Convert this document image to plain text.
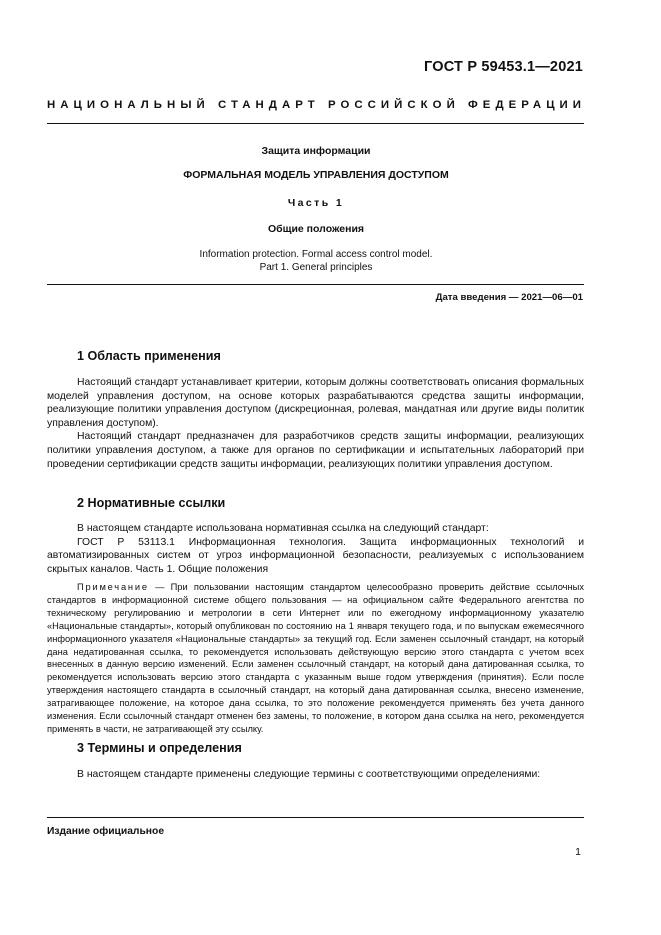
ГОСТ Р 59453.1—2021
НАЦИОНАЛЬНЫЙ СТАНДАРТ РОССИЙСКОЙ ФЕДЕРАЦИИ
Защита информации
ФОРМАЛЬНАЯ МОДЕЛЬ УПРАВЛЕНИЯ ДОСТУПОМ
Часть 1
Общие положения
Information protection. Formal access control model.
Part 1. General principles
Дата введения — 2021—06—01
1 Область применения

Настоящий стандарт устанавливает критерии, которым должны соответствовать описания формальных моделей управления доступом, на основе которых разрабатываются средства защиты информации, реализующие политики управления доступом (дискреционная, ролевая, мандатная или другие виды политик управления доступом).

Настоящий стандарт предназначен для разработчиков средств защиты информации, реализующих политики управления доступом, а также для органов по сертификации и испытательных лабораторий при проведении сертификации средств защиты информации, реализующих политики управления доступом.

2 Нормативные ссылки

В настоящем стандарте использована нормативная ссылка на следующий стандарт:

ГОСТ Р 53113.1 Информационная технология. Защита информационных технологий и автоматизированных систем от угроз информационной безопасности, реализуемых с использованием скрытых каналов. Часть 1. Общие положения

Примечание — При пользовании настоящим стандартом целесообразно проверить действие ссылочных стандартов в информационной системе общего пользования — на официальном сайте Федерального агентства по техническому регулированию и метрологии в сети Интернет или по ежегодному информационному указателю «Национальные стандарты», который опубликован по состоянию на 1 января текущего года, и по выпускам ежемесячного информационного указателя «Национальные стандарты» за текущий год. Если заменен ссылочный стандарт, на который дана недатированная ссылка, то рекомендуется использовать действующую версию этого стандарта с учетом всех внесенных в данную версию изменений. Если заменен ссылочный стандарт, на который дана датированная ссылка, то рекомендуется использовать версию этого стандарта с указанным выше годом утверждения (принятия). Если после утверждения настоящего стандарта в ссылочный стандарт, на который дана датированная ссылка, внесено изменение, затрагивающее положение, на которое дана ссылка, то это положение рекомендуется применять без учета данного изменения. Если ссылочный стандарт отменен без замены, то положение, в котором дана ссылка на него, рекомендуется применять в части, не затрагивающей эту ссылку.

3 Термины и определения

В настоящем стандарте применены следующие термины с соответствующими определениями:

Издание официальное
1
